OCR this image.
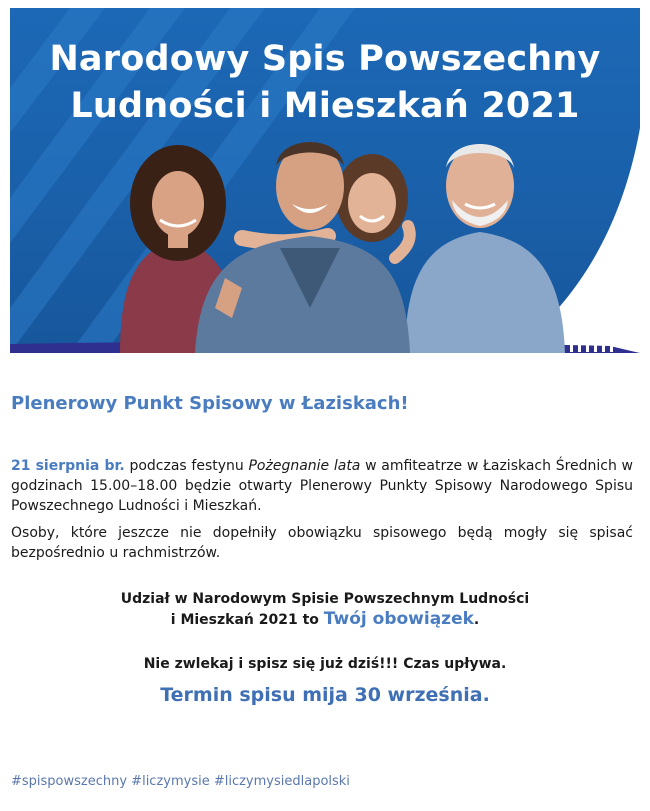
Narodowy Spis Powszechny
Ludności i Mieszkań 2021
Plenerowy Punkt Spisowy w Łaziskach!
21 sierpnia br. podczas festynu Pożegnanie lata w amfiteatrze w Łaziskach Średnich w godzinach 15.00–18.00 będzie otwarty Plenerowy Punkty Spisowy Narodowego Spisu Powszechnego Ludności i Mieszkań.
Osoby, które jeszcze nie dopełniły obowiązku spisowego będą mogły się spisać bezpośrednio u rachmistrzów.
Udział w Narodowym Spisie Powszechnym Ludności
i Mieszkań 2021 to Twój obowiązek.
Nie zwlekaj i spisz się już dziś!!! Czas upływa.
Termin spisu mija 30 września.
#spispowszechny #liczymysie #liczymysiedlapolski
